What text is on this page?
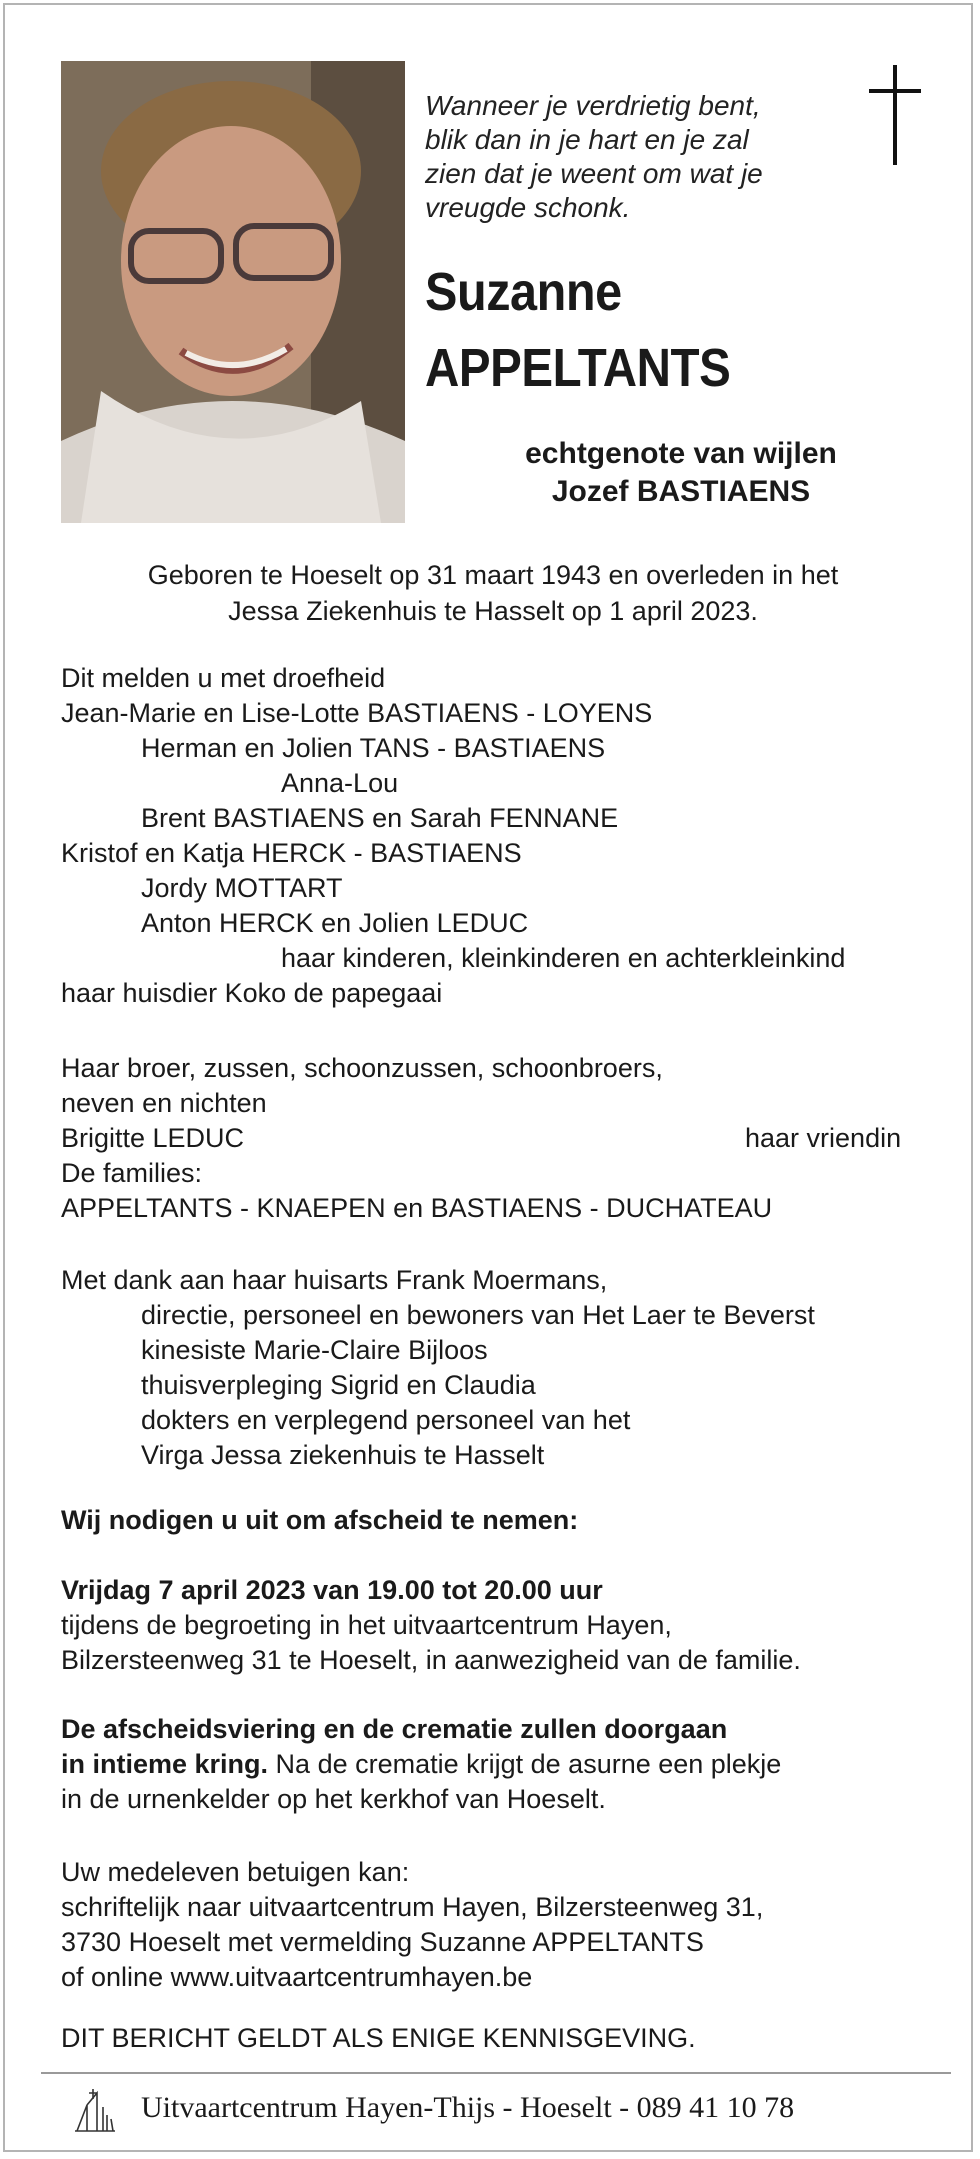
Wanneer je verdrietig bent,
blik dan in je hart en je zal
zien dat je weent om wat je
vreugde schonk.
Suzanne
APPELTANTS
echtgenote van wijlen
Jozef BASTIAENS
Geboren te Hoeselt op 31 maart 1943 en overleden in het
Jessa Ziekenhuis te Hasselt op 1 april 2023.
Dit melden u met droefheid
Jean-Marie en Lise-Lotte BASTIAENS - LOYENS
Herman en Jolien TANS - BASTIAENS
Anna-Lou
Brent BASTIAENS en Sarah FENNANE
Kristof en Katja HERCK - BASTIAENS
Jordy MOTTART
Anton HERCK en Jolien LEDUC
haar kinderen, kleinkinderen en achterkleinkind
haar huisdier Koko de papegaai
Haar broer, zussen, schoonzussen, schoonbroers,
neven en nichten
Brigitte LEDUC	haar vriendin
De families:
APPELTANTS - KNAEPEN en BASTIAENS - DUCHATEAU
Met dank aan haar huisarts Frank Moermans,
directie, personeel en bewoners van Het Laer te Beverst
kinesiste Marie-Claire Bijloos
thuisverpleging Sigrid en Claudia
dokters en verplegend personeel van het
Virga Jessa ziekenhuis te Hasselt
Wij nodigen u uit om afscheid te nemen:
Vrijdag 7 april 2023 van 19.00 tot 20.00 uur
tijdens de begroeting in het uitvaartcentrum Hayen,
Bilzersteenweg 31 te Hoeselt, in aanwezigheid van de familie.
De afscheidsviering en de crematie zullen doorgaan
in intieme kring. Na de crematie krijgt de asurne een plekje
in de urnenkelder op het kerkhof van Hoeselt.
Uw medeleven betuigen kan:
schriftelijk naar uitvaartcentrum Hayen, Bilzersteenweg 31,
3730 Hoeselt met vermelding Suzanne APPELTANTS
of online www.uitvaartcentrumhayen.be
DIT BERICHT GELDT ALS ENIGE KENNISGEVING.
Uitvaartcentrum Hayen-Thijs - Hoeselt - 089 41 10 78
